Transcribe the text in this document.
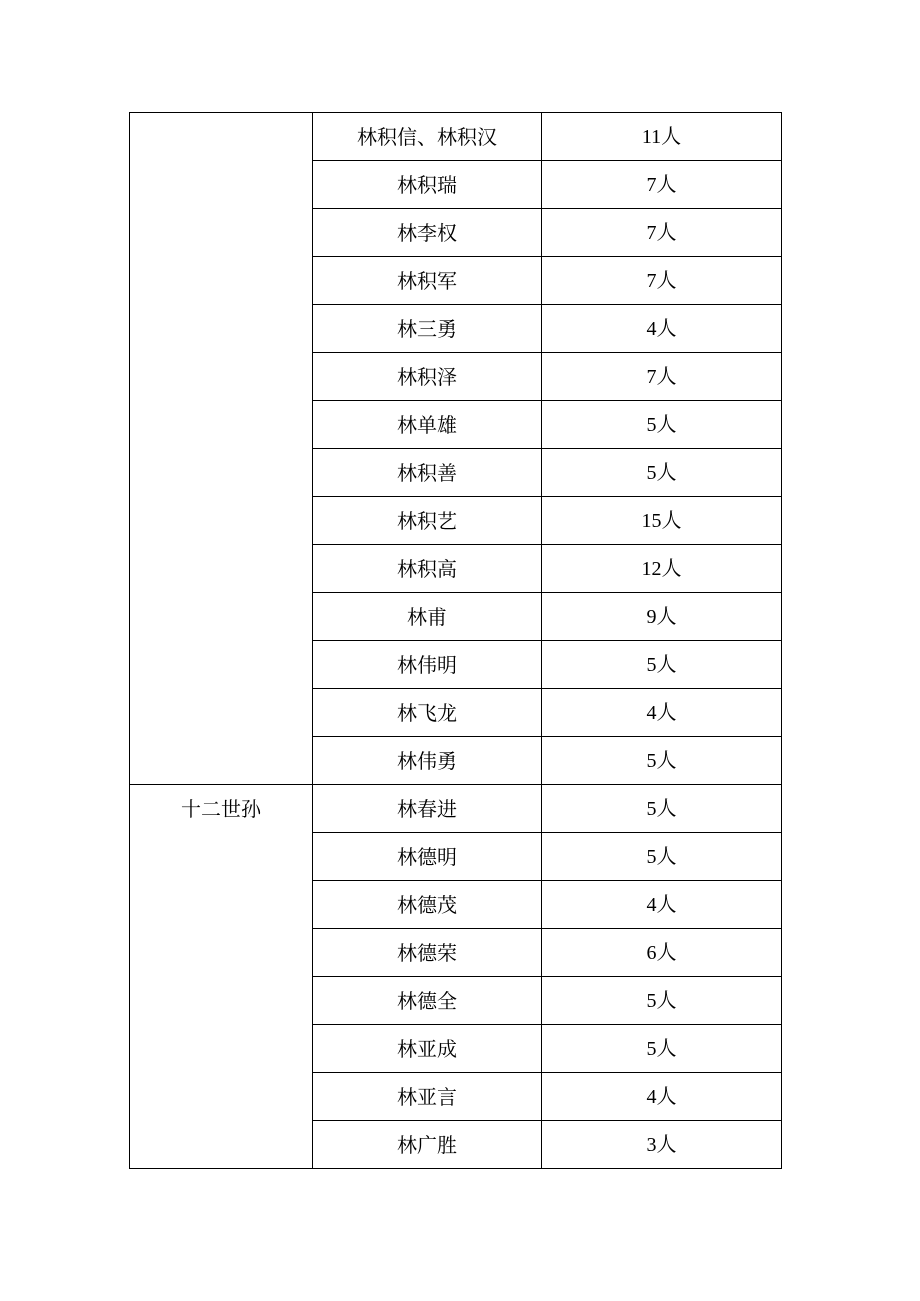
	林积信、林积汉	11人
	林积瑞	7人
	林李权	7人
	林积军	7人
	林三勇	4人
	林积泽	7人
	林单雄	5人
	林积善	5人
	林积艺	15人
	林积高	12人
	林甫	9人
	林伟明	5人
	林飞龙	4人
	林伟勇	5人

十二世孙	林春进	5人
	林德明	5人
	林德茂	4人
	林德荣	6人
	林德全	5人
	林亚成	5人
	林亚言	4人
	林广胜	3人
